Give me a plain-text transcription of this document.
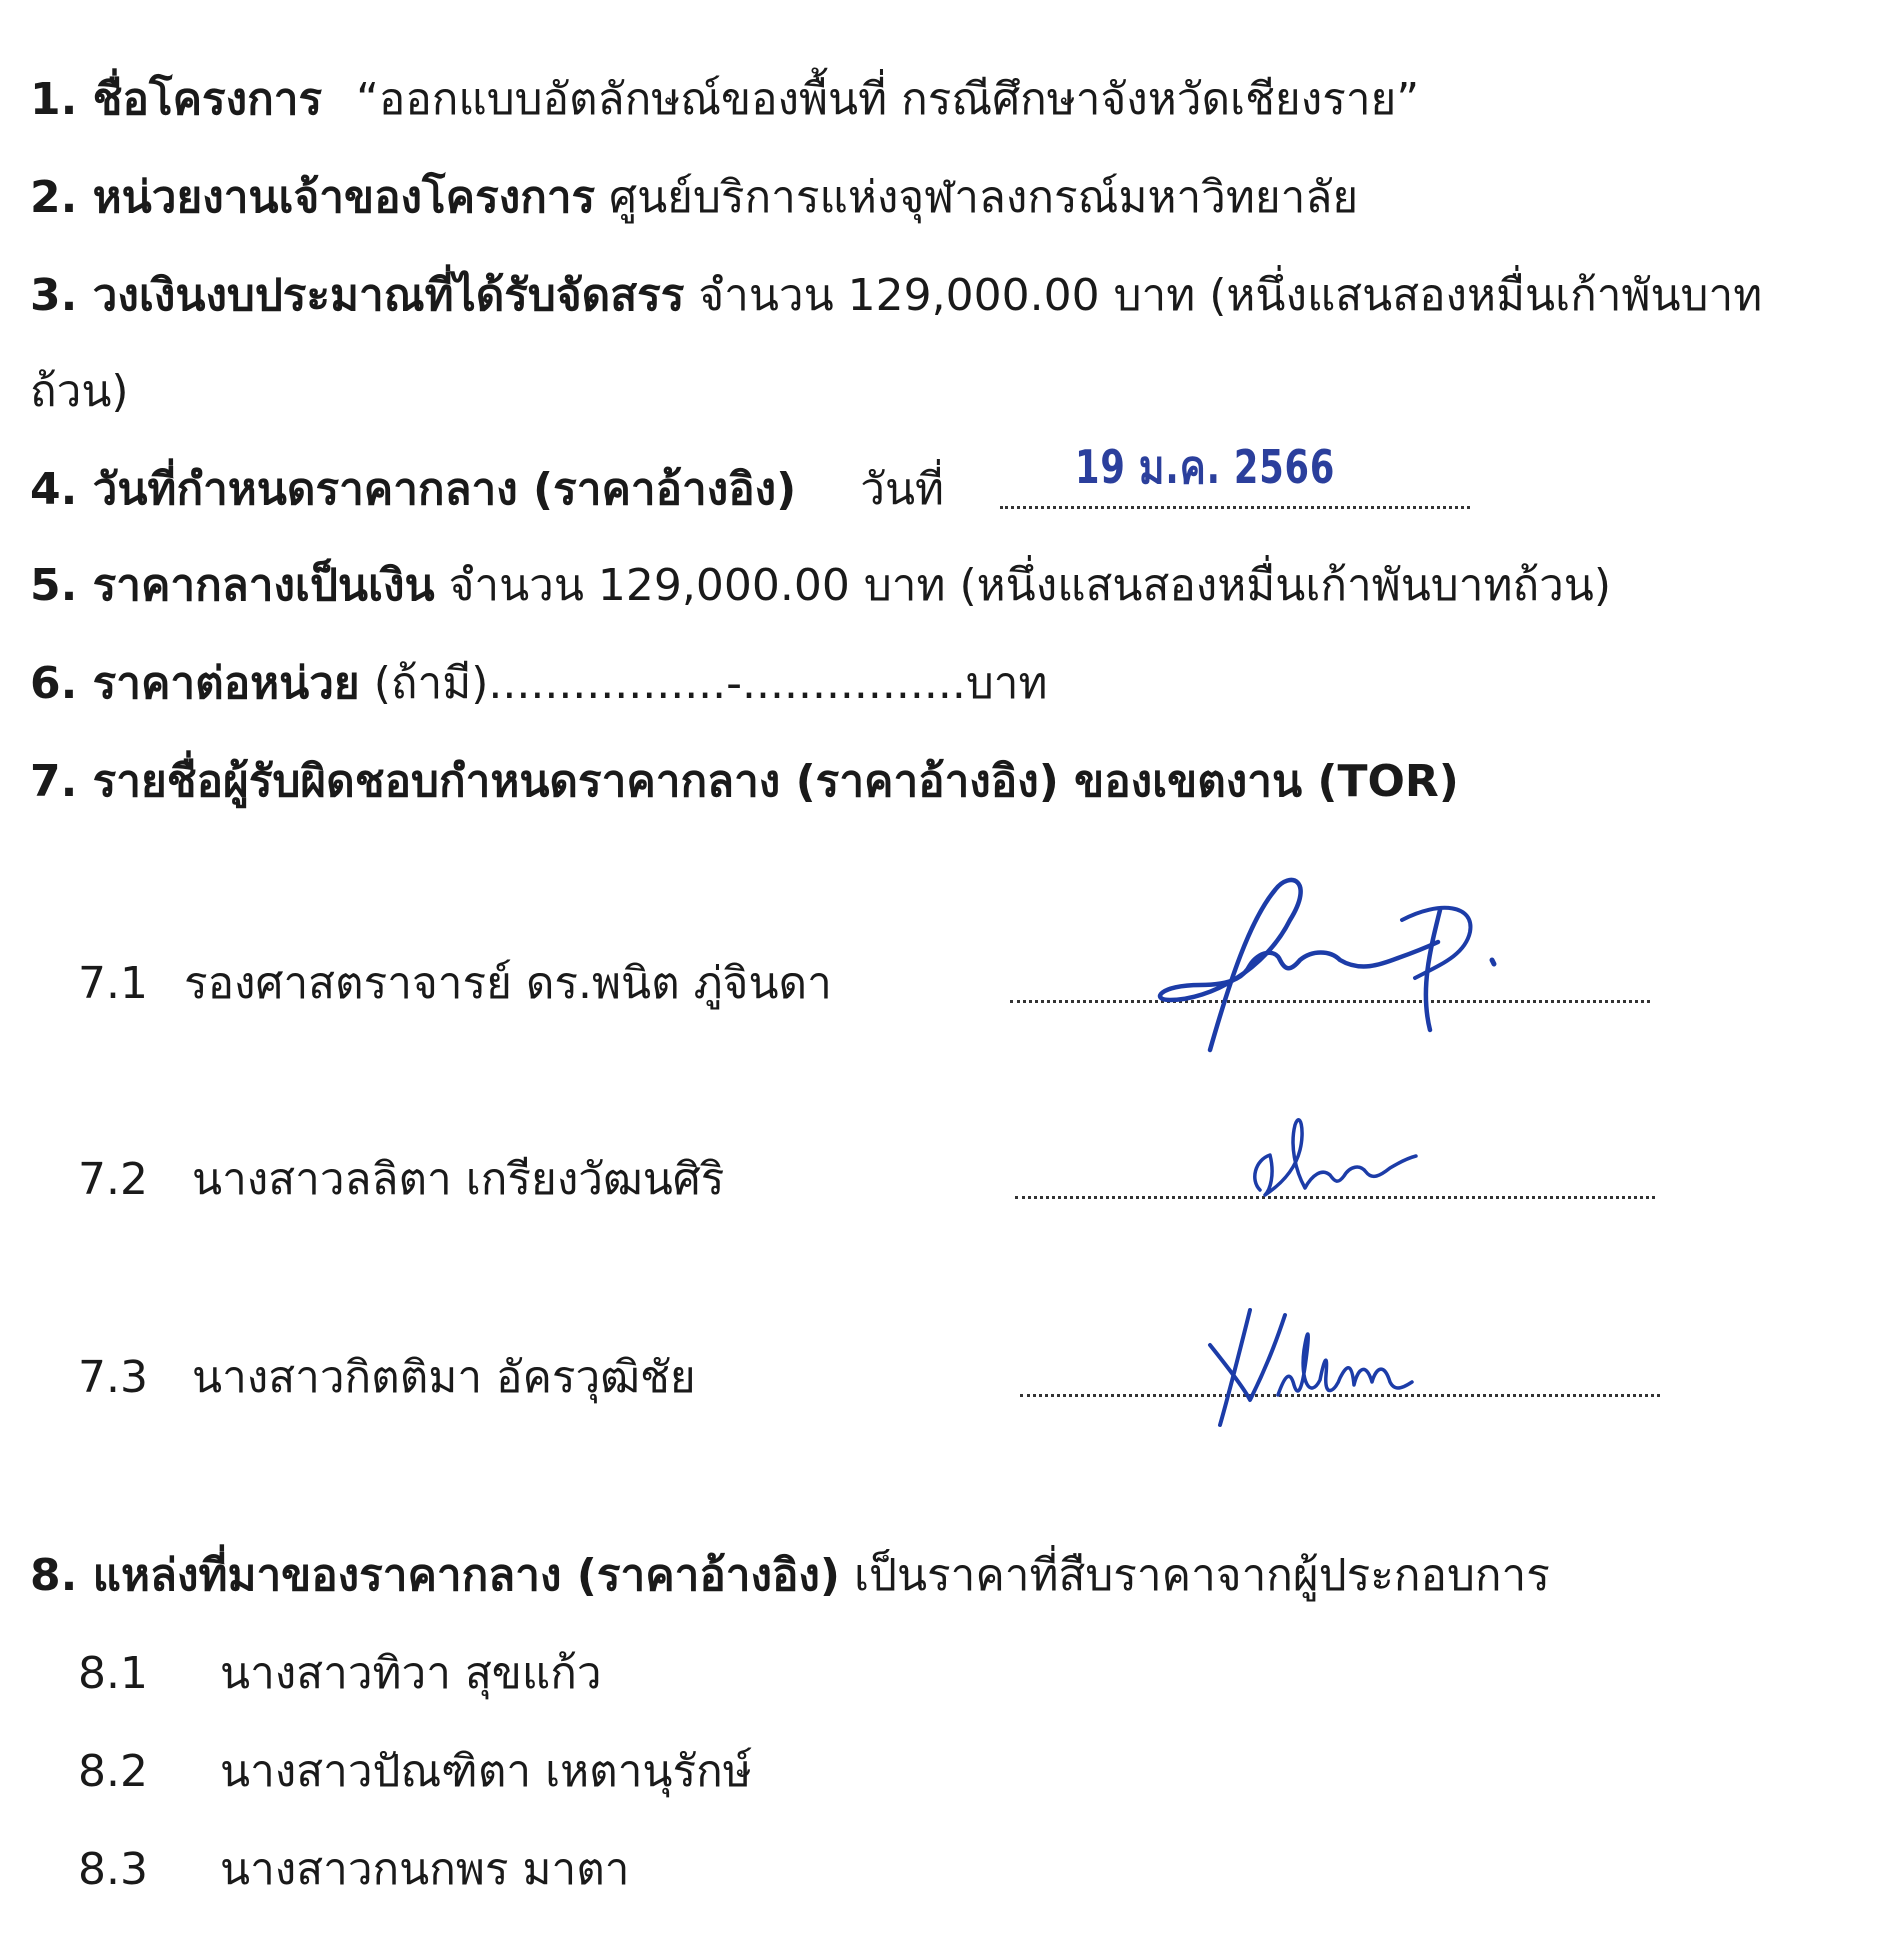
1. ชื่อโครงการ “ออกแบบอัตลักษณ์ของพื้นที่ กรณีศึกษาจังหวัดเชียงราย”
2. หน่วยงานเจ้าของโครงการ ศูนย์บริการแห่งจุฬาลงกรณ์มหาวิทยาลัย
3. วงเงินงบประมาณที่ได้รับจัดสรร จำนวน 129,000.00 บาท (หนึ่งแสนสองหมื่นเก้าพันบาท
ถ้วน)
4. วันที่กำหนดราคากลาง (ราคาอ้างอิง) วันที่	19 ม.ค. 2566
5. ราคากลางเป็นเงิน จำนวน 129,000.00 บาท (หนึ่งแสนสองหมื่นเก้าพันบาทถ้วน)
6. ราคาต่อหน่วย (ถ้ามี).................-................บาท
7. รายชื่อผู้รับผิดชอบกำหนดราคากลาง (ราคาอ้างอิง) ของเขตงาน (TOR)
7.1 รองศาสตราจารย์ ดร.พนิต ภู่จินดา
7.2 นางสาวลลิตา เกรียงวัฒนศิริ
7.3 นางสาวกิตติมา อัครวุฒิชัย
8. แหล่งที่มาของราคากลาง (ราคาอ้างอิง) เป็นราคาที่สืบราคาจากผู้ประกอบการ
8.1 นางสาวทิวา สุขแก้ว
8.2 นางสาวปัณฑิตา เหตานุรักษ์
8.3 นางสาวกนกพร มาตา
